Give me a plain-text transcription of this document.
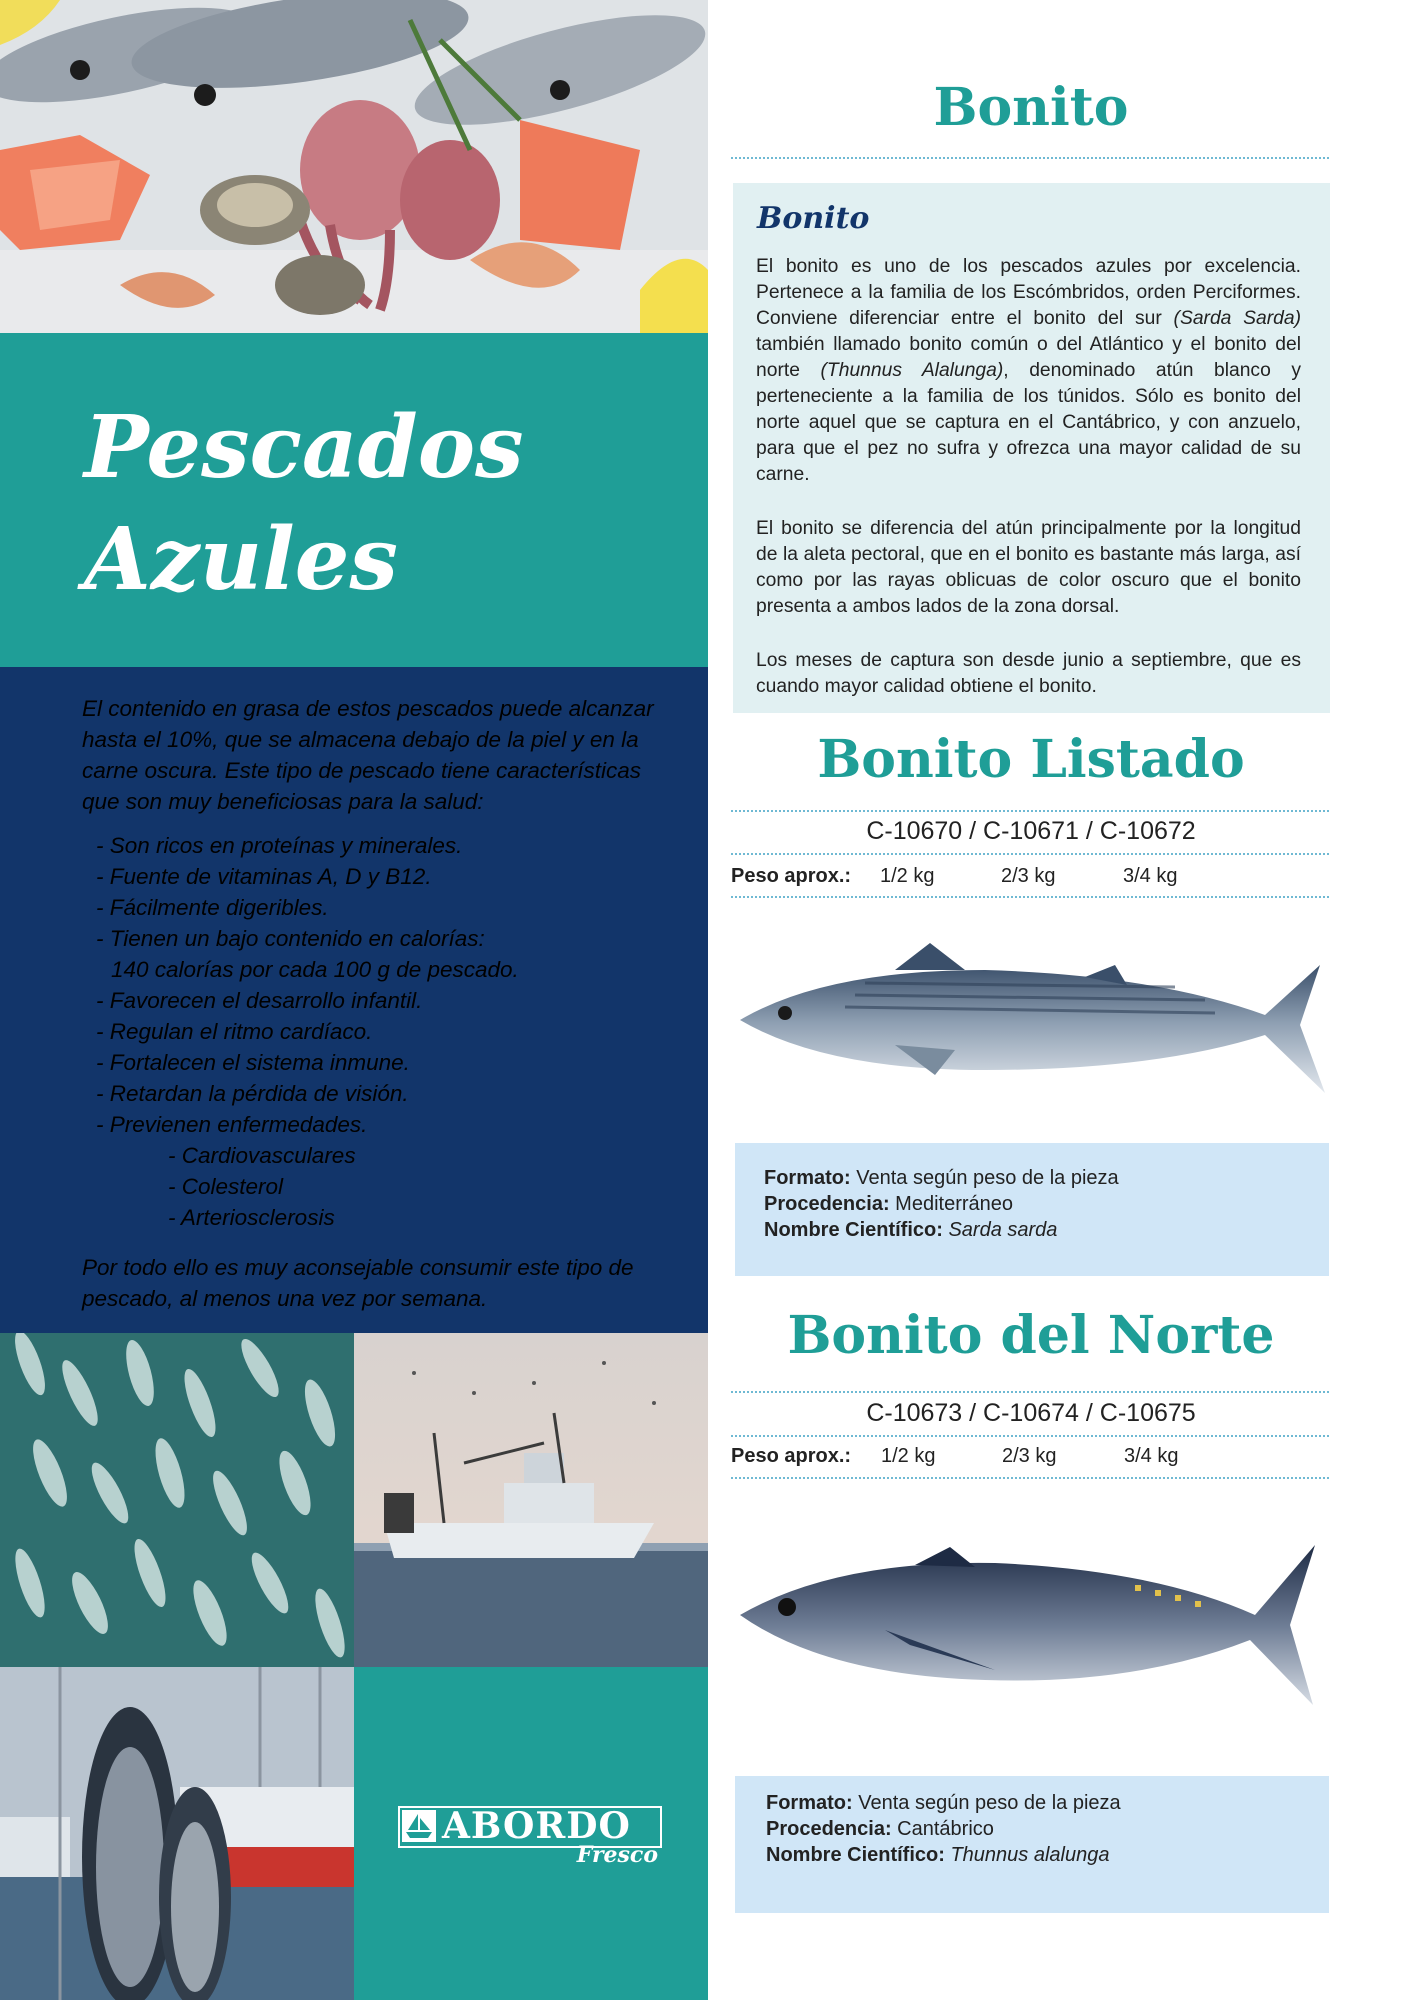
Pescados
Azules

El contenido en grasa de estos pescados puede alcanzar hasta el 10%, que se almacena debajo de la piel y en la carne oscura. Este tipo de pescado tiene características que son muy beneficiosas para la salud:

- Son ricos en proteínas y minerales.
- Fuente de vitaminas A, D y B12.
- Fácilmente digeribles.
- Tienen un bajo contenido en calorías:
140 calorías por cada 100 g de pescado.
- Favorecen el desarrollo infantil.
- Regulan el ritmo cardíaco.
- Fortalecen el sistema inmune.
- Retardan la pérdida de visión.
- Previenen enfermedades.
- Cardiovasculares
- Colesterol
- Arteriosclerosis

Por todo ello es muy aconsejable consumir este tipo de pescado, al menos una vez por semana.

ABORDO

Fresco

Bonito
Bonito

El bonito es uno de los pescados azules por excelencia. Pertenece a la familia de los Escómbridos, orden Perciformes. Conviene diferenciar entre el bonito del sur (Sarda Sarda) también llamado bonito común o del Atlántico y el bonito del norte (Thunnus Alalunga), denominado atún blanco y perteneciente a la familia de los túnidos. Sólo es bonito del norte aquel que se captura en el Cantábrico, y con anzuelo, para que el pez no sufra y ofrezca una mayor calidad de su carne.

El bonito se diferencia del atún principalmente por la longitud de la aleta pectoral, que en el bonito es bastante más larga, así como por las rayas oblicuas de color oscuro que el bonito presenta a ambos lados de la zona dorsal.

Los meses de captura son desde junio a septiembre, que es cuando mayor calidad obtiene el bonito.

Bonito Listado

C-10670 / C-10671 / C-10672

Peso aprox.: 1/2 kg	2/3 kg	3/4 kg

Formato: Venta según peso de la pieza

Procedencia: Mediterráneo

Nombre Científico: Sarda sarda

Bonito del Norte

C-10673 / C-10674 / C-10675

Peso aprox.: 1/2 kg	2/3 kg	3/4 kg

Formato: Venta según peso de la pieza

Procedencia: Cantábrico

Nombre Científico: Thunnus alalunga
